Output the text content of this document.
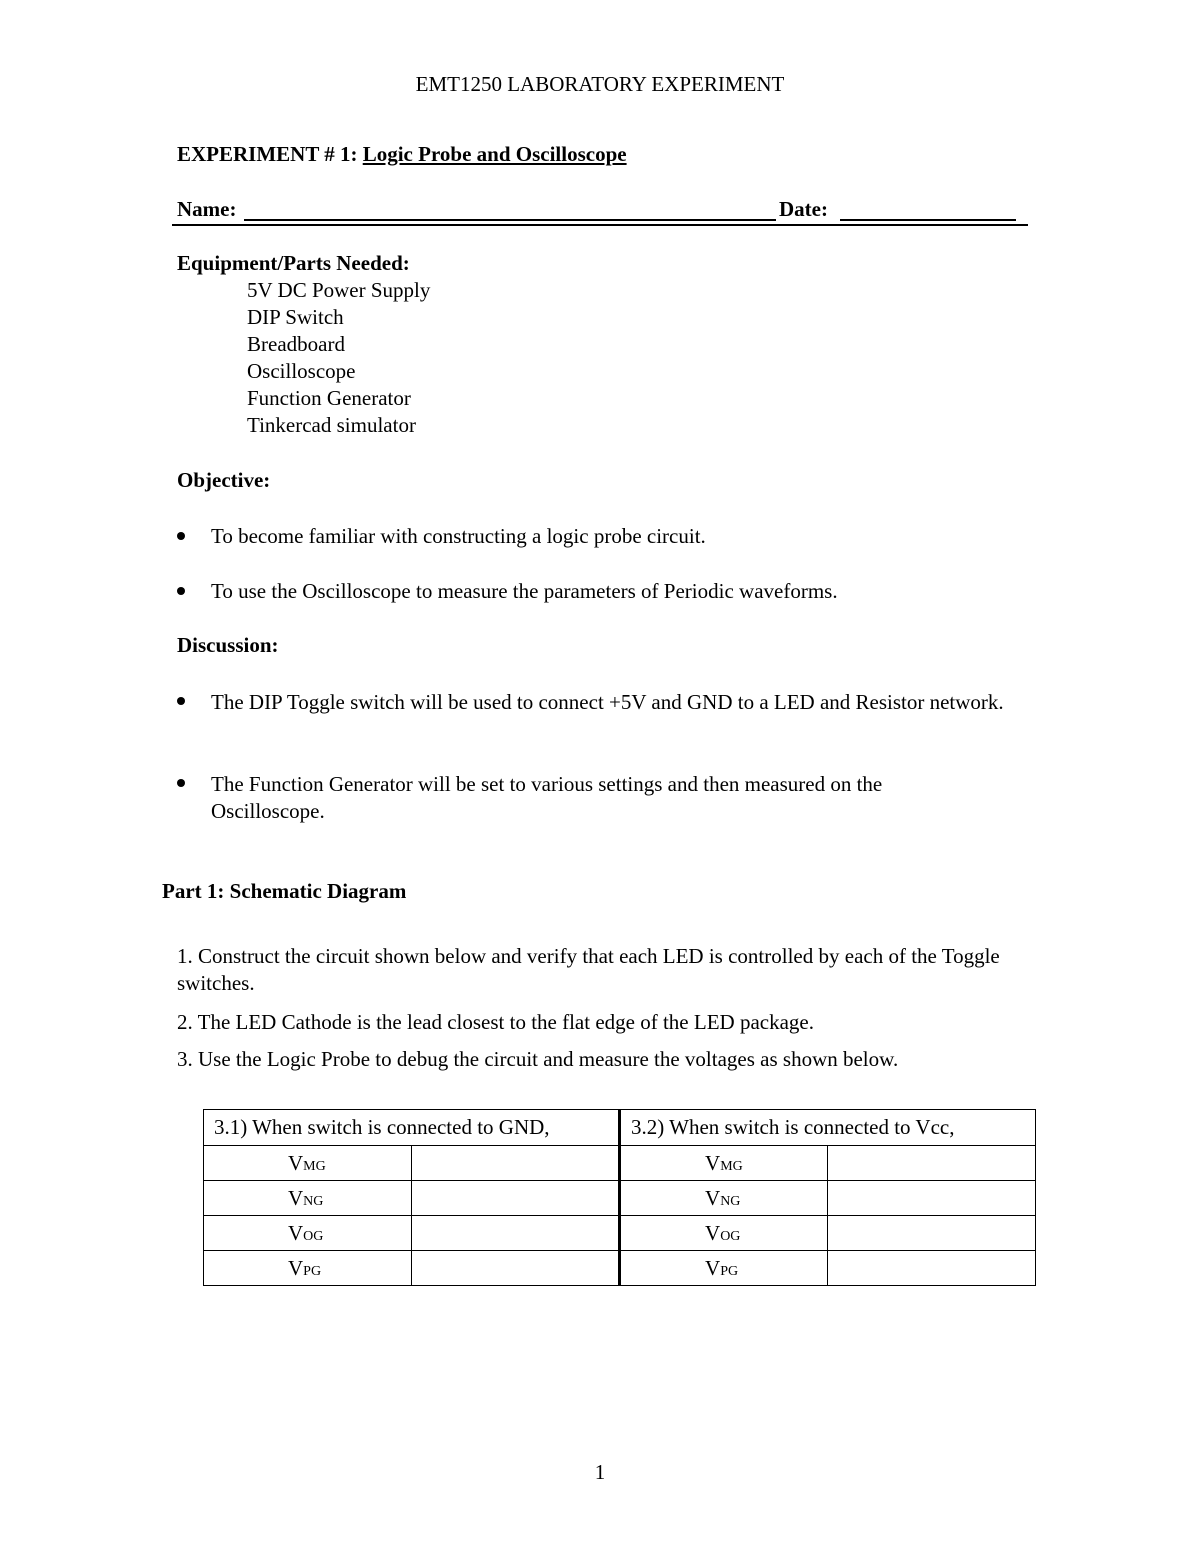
EMT1250 LABORATORY EXPERIMENT
EXPERIMENT # 1: Logic Probe and Oscilloscope
Name:	Date:
Equipment/Parts Needed:
5V DC Power Supply
DIP Switch
Breadboard
Oscilloscope
Function Generator
Tinkercad simulator
Objective:
To become familiar with constructing a logic probe circuit.
To use the Oscilloscope to measure the parameters of Periodic waveforms.
Discussion:
The DIP Toggle switch will be used to connect +5V and GND to a LED and Resistor network.
The Function Generator will be set to various settings and then measured on the Oscilloscope.
Part 1: Schematic Diagram
1. Construct the circuit shown below and verify that each LED is controlled by each of the Toggle switches.
2. The LED Cathode is the lead closest to the flat edge of the LED package.
3. Use the Logic Probe to debug the circuit and measure the voltages as shown below.
3.1) When switch is connected to GND,		3.2) When switch is connected to Vcc,	
VMG		VMG	
VNG		VNG	
VOG		VOG	
VPG		VPG	
1
